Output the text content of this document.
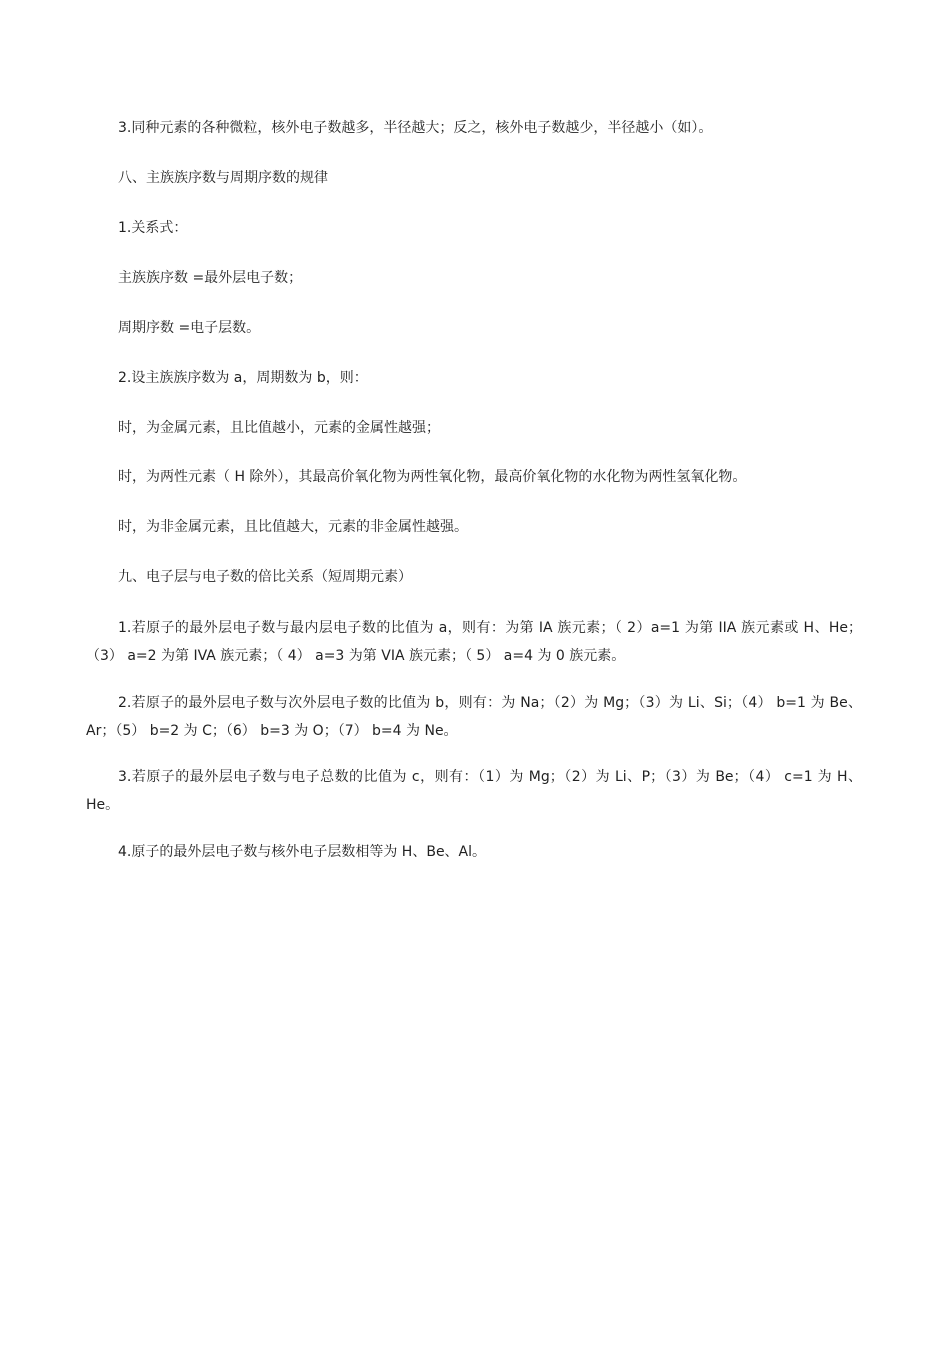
3.同种元素的各种微粒，核外电子数越多，半径越大；反之，核外电子数越少，半径越小（如）。
八、主族族序数与周期序数的规律
1.关系式：
主族族序数 =最外层电子数；
周期序数 =电子层数。
2.设主族族序数为 a，周期数为 b，则：
时，为金属元素，且比值越小，元素的金属性越强；
时，为两性元素（ H 除外），其最高价氧化物为两性氧化物，最高价氧化物的水化物为两性氢氧化物。
时，为非金属元素，且比值越大，元素的非金属性越强。
九、电子层与电子数的倍比关系（短周期元素）
1.若原子的最外层电子数与最内层电子数的比值为 a，则有：为第 IA 族元素；（ 2）a=1 为第 IIA 族元素或 H、He；（3） a=2 为第 IVA 族元素；（ 4） a=3 为第 VIA 族元素；（ 5） a=4 为 0 族元素。
2.若原子的最外层电子数与次外层电子数的比值为 b，则有：为 Na；（2）为 Mg；（3）为 Li、Si；（4） b=1 为 Be、Ar；（5） b=2 为 C；（6） b=3 为 O；（7） b=4 为 Ne。
3.若原子的最外层电子数与电子总数的比值为 c，则有：（1）为 Mg；（2）为 Li、P；（3）为 Be；（4） c=1 为 H、He。
4.原子的最外层电子数与核外电子层数相等为 H、Be、Al。
